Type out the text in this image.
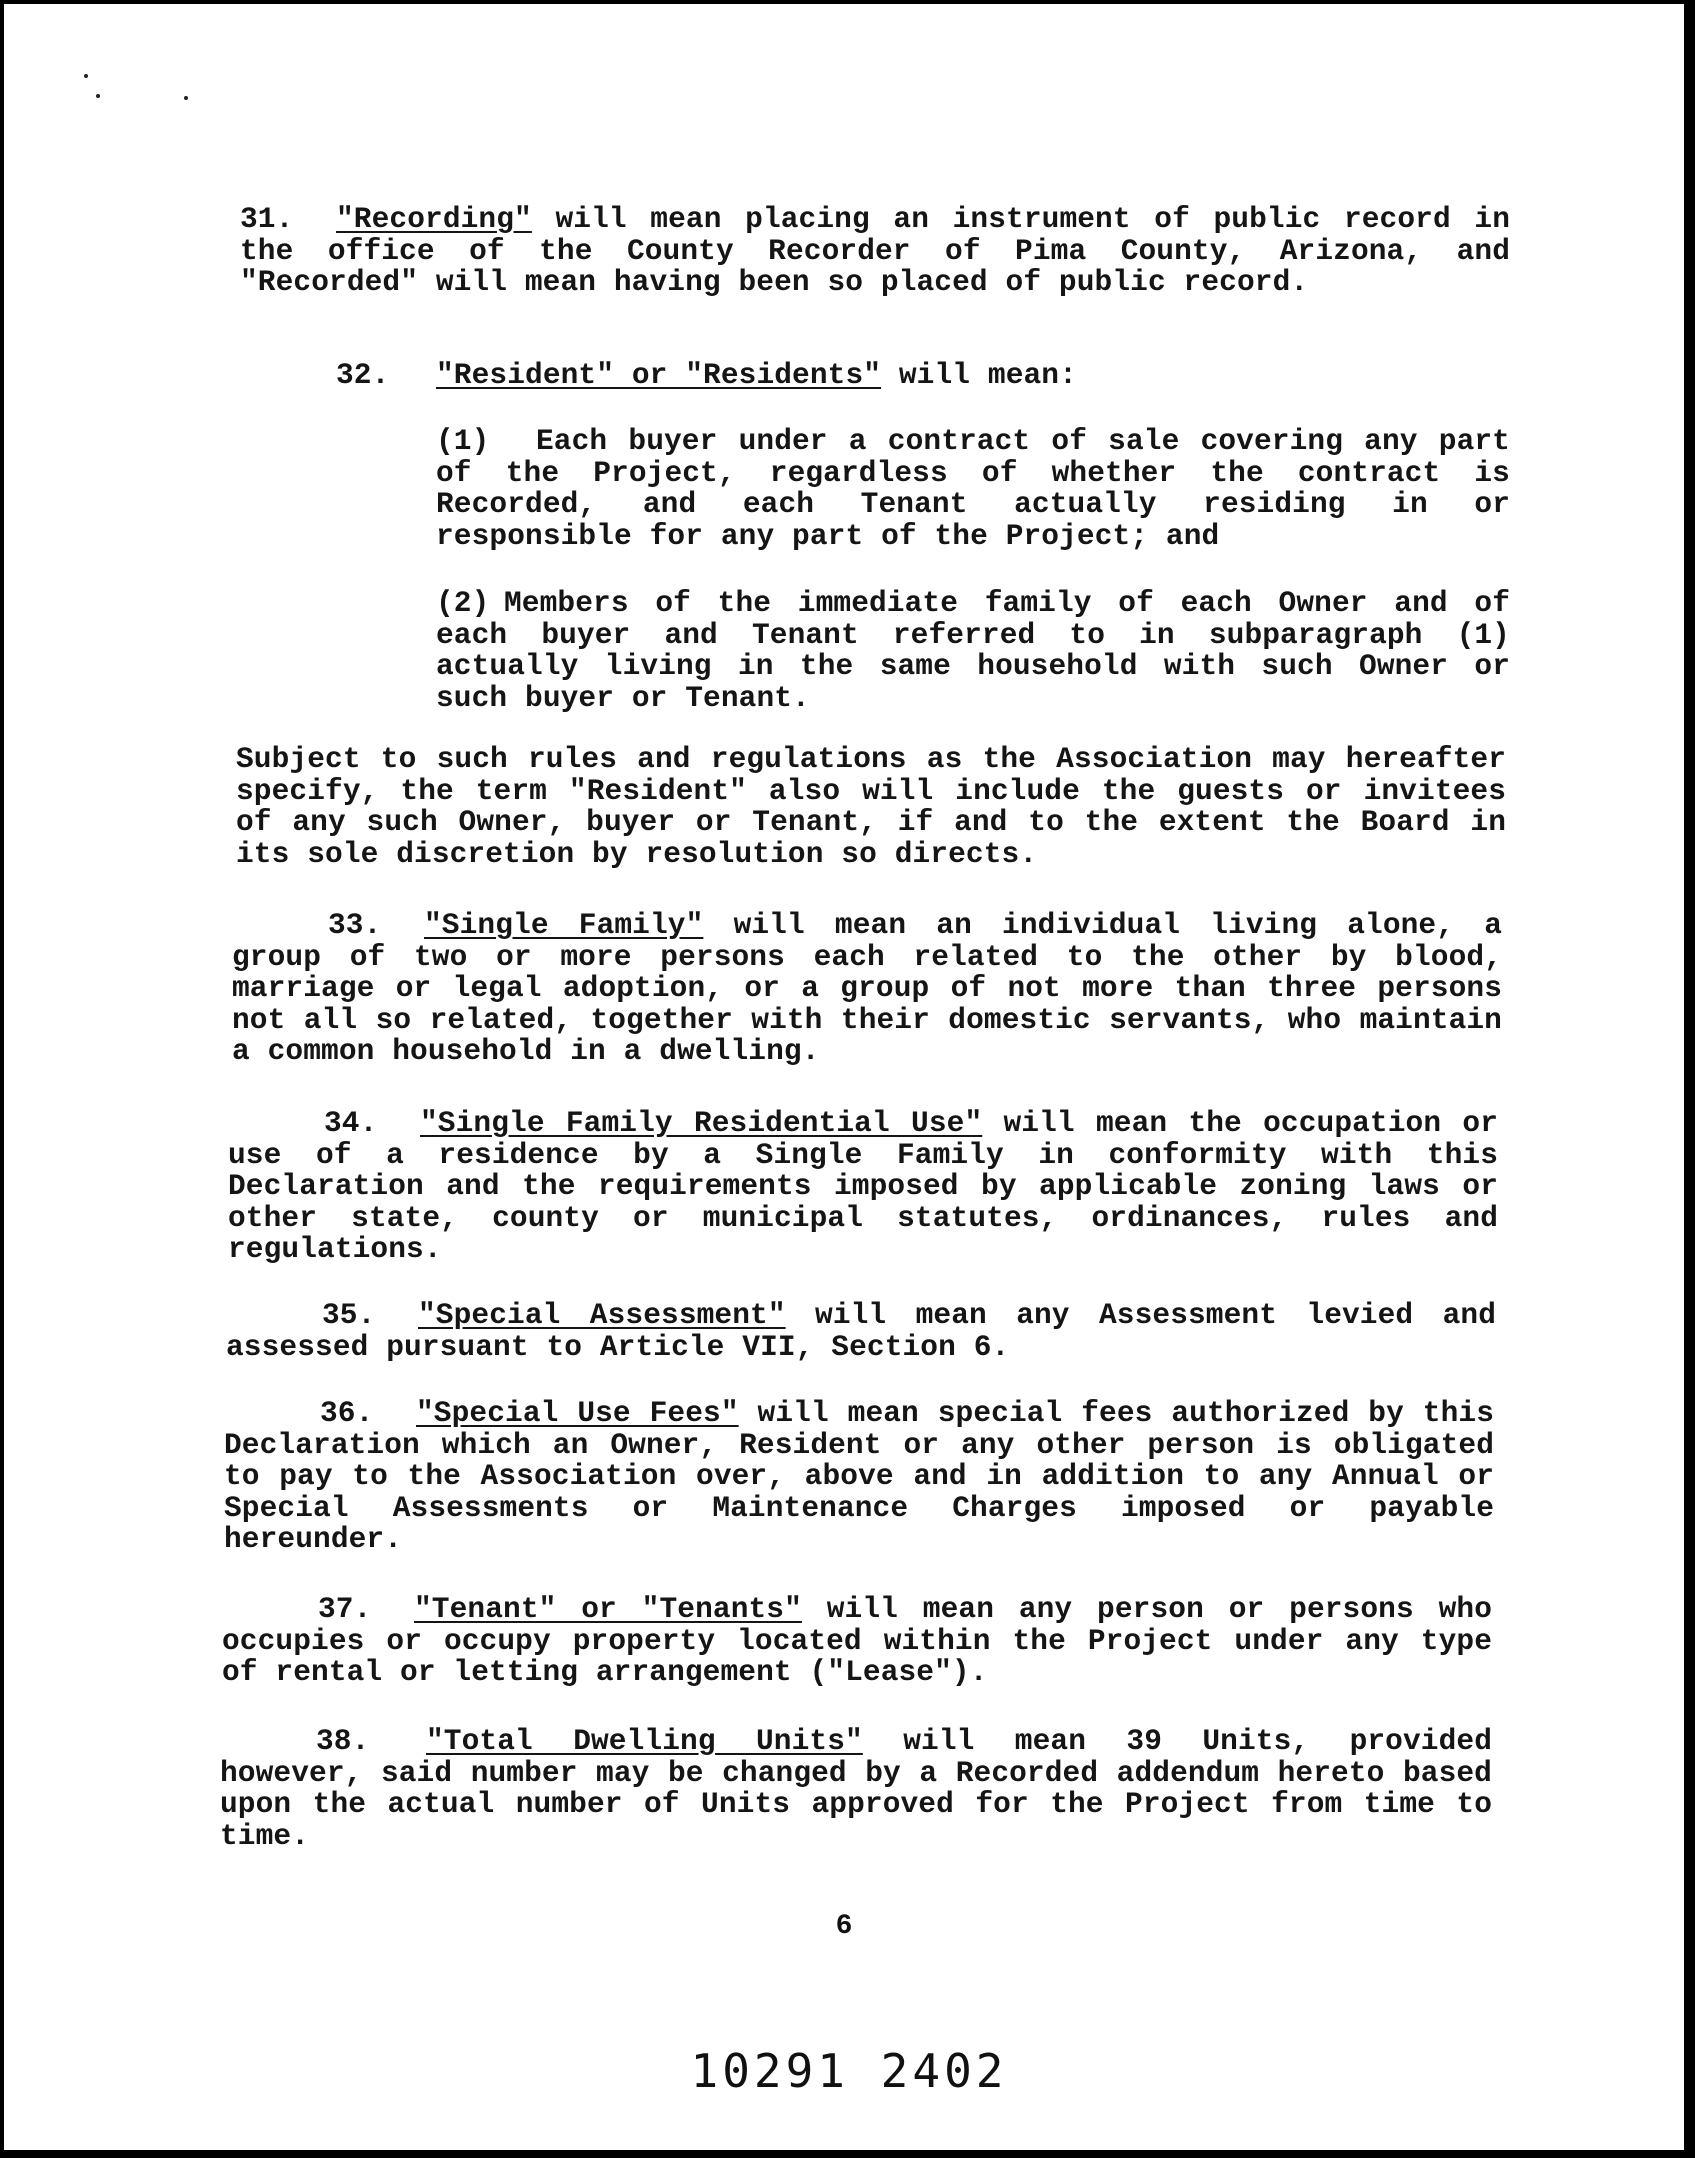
31. "Recording" will mean placing an instrument of public record in the office of the County Recorder of Pima County, Arizona, and "Recorded" will mean having been so placed of public record.
32. "Resident" or "Residents" will mean:
(1) Each buyer under a contract of sale covering any part of the Project, regardless of whether the contract is Recorded, and each Tenant actually residing in or responsible for any part of the Project; and
(2) Members of the immediate family of each Owner and of each buyer and Tenant referred to in subparagraph (1) actually living in the same household with such Owner or such buyer or Tenant.
Subject to such rules and regulations as the Association may hereafter specify, the term "Resident" also will include the guests or invitees of any such Owner, buyer or Tenant, if and to the extent the Board in its sole discretion by resolution so directs.
33. "Single Family" will mean an individual living alone, a group of two or more persons each related to the other by blood, marriage or legal adoption, or a group of not more than three persons not all so related, together with their domestic servants, who maintain a common household in a dwelling.
34. "Single Family Residential Use" will mean the occupation or use of a residence by a Single Family in conformity with this Declaration and the requirements imposed by applicable zoning laws or other state, county or municipal statutes, ordinances, rules and regulations.
35. "Special Assessment" will mean any Assessment levied and assessed pursuant to Article VII, Section 6.
36. "Special Use Fees" will mean special fees authorized by this Declaration which an Owner, Resident or any other person is obligated to pay to the Association over, above and in addition to any Annual or Special Assessments or Maintenance Charges imposed or payable hereunder.
37. "Tenant" or "Tenants" will mean any person or persons who occupies or occupy property located within the Project under any type of rental or letting arrangement ("Lease").
38. "Total Dwelling Units" will mean 39 Units, provided however, said number may be changed by a Recorded addendum hereto based upon the actual number of Units approved for the Project from time to time.
6
10291 2402
